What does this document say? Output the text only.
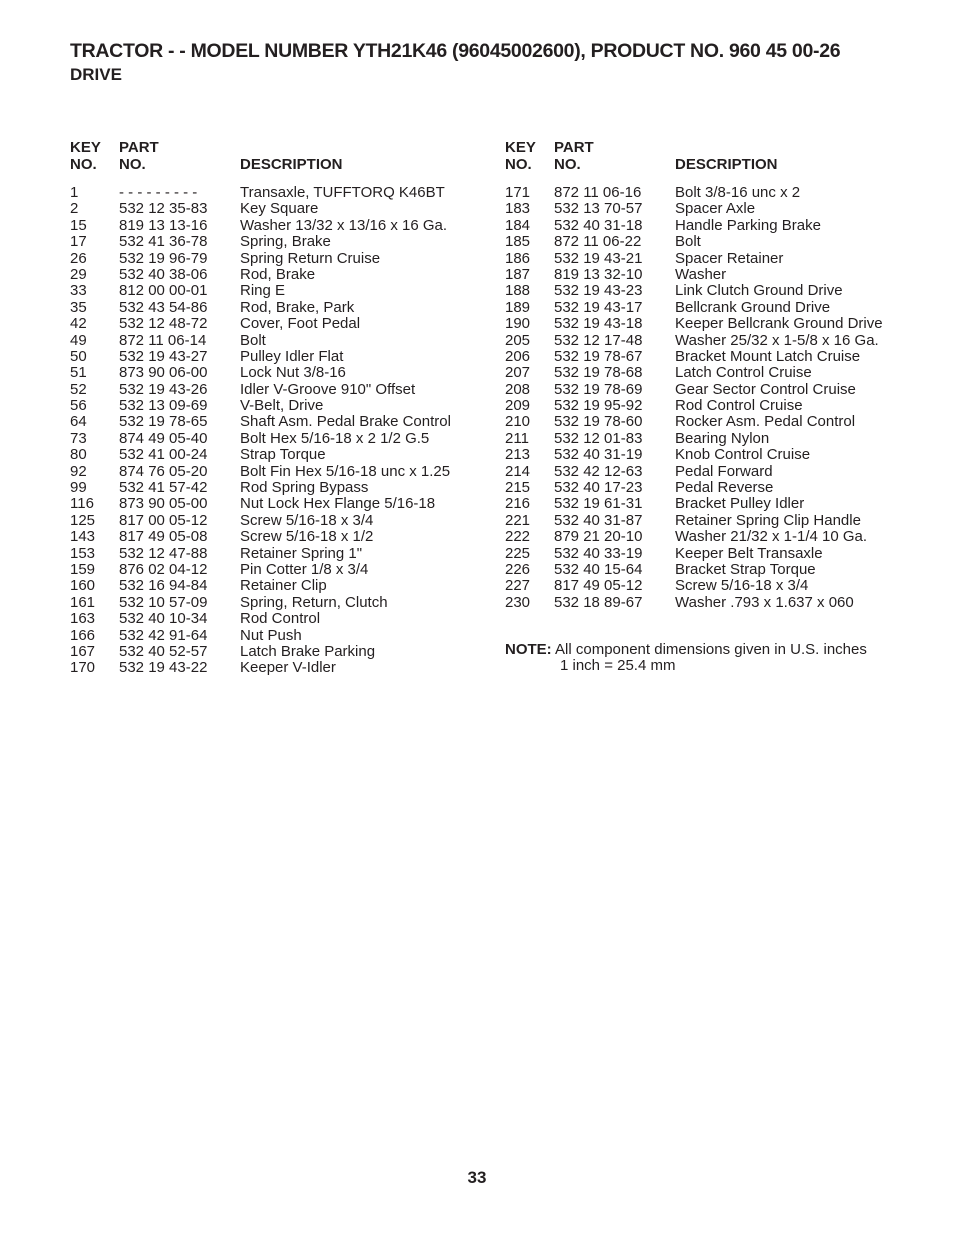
TRACTOR - - MODEL NUMBER YTH21K46 (96045002600), PRODUCT NO. 960 45 00-26
DRIVE
KEY
NO.
PART
NO.	DESCRIPTION
1	- - - - - - - - -	Transaxle, TUFFTORQ K46BT
2	532 12 35-83 Key Square
15 819 13 13-16 Washer 13/32 x 13/16 x 16 Ga.
17 532 41 36-78 Spring, Brake
26 532 19 96-79 Spring Return Cruise
29 532 40 38-06 Rod, Brake
33 812 00 00-01 Ring E
35 532 43 54-86 Rod, Brake, Park
42 532 12 48-72 Cover, Foot Pedal
49 872 11 06-14 Bolt
50 532 19 43-27 Pulley Idler Flat
51 873 90 06-00 Lock Nut 3/8-16
52 532 19 43-26 Idler V-Groove 910" Offset
56 532 13 09-69 V-Belt, Drive
64 532 19 78-65 Shaft Asm. Pedal Brake Control
73 874 49 05-40 Bolt Hex 5/16-18 x 2 1/2 G.5
80 532 41 00-24 Strap Torque
92 874 76 05-20 Bolt Fin Hex 5/16-18 unc x 1.25
99 532 41 57-42 Rod Spring Bypass
116 873 90 05-00 Nut Lock Hex Flange 5/16-18
125 817 00 05-12 Screw 5/16-18 x 3/4
143 817 49 05-08 Screw 5/16-18 x 1/2
153 532 12 47-88 Retainer Spring 1"
159 876 02 04-12 Pin Cotter 1/8 x 3/4
160 532 16 94-84 Retainer Clip
161 532 10 57-09 Spring, Return, Clutch
163 532 40 10-34 Rod Control
166 532 42 91-64 Nut Push
167 532 40 52-57 Latch Brake Parking
170 532 19 43-22 Keeper V-Idler
KEY
NO.
PART
NO.	DESCRIPTION
171 872 11 06-16 Bolt 3/8-16 unc x 2
183 532 13 70-57 Spacer Axle
184 532 40 31-18 Handle Parking Brake
185 872 11 06-22 Bolt
186 532 19 43-21 Spacer Retainer
187 819 13 32-10 Washer
188 532 19 43-23 Link Clutch Ground Drive
189 532 19 43-17 Bellcrank Ground Drive
190 532 19 43-18 Keeper Bellcrank Ground Drive
205 532 12 17-48 Washer 25/32 x 1-5/8 x 16 Ga.
206 532 19 78-67 Bracket Mount Latch Cruise
207 532 19 78-68 Latch Control Cruise
208 532 19 78-69 Gear Sector Control Cruise
209 532 19 95-92 Rod Control Cruise
210 532 19 78-60 Rocker Asm. Pedal Control
211 532 12 01-83 Bearing Nylon
213 532 40 31-19 Knob Control Cruise
214 532 42 12-63 Pedal Forward
215 532 40 17-23 Pedal Reverse
216 532 19 61-31 Bracket Pulley Idler
221 532 40 31-87 Retainer Spring Clip Handle
222 879 21 20-10 Washer 21/32 x 1-1/4 10 Ga.
225 532 40 33-19 Keeper Belt Transaxle
226 532 40 15-64 Bracket Strap Torque
227 817 49 05-12 Screw 5/16-18 x 3/4
230 532 18 89-67 Washer .793 x 1.637 x 060
NOTE: All component dimensions given in U.S. inches
1 inch = 25.4 mm
33
